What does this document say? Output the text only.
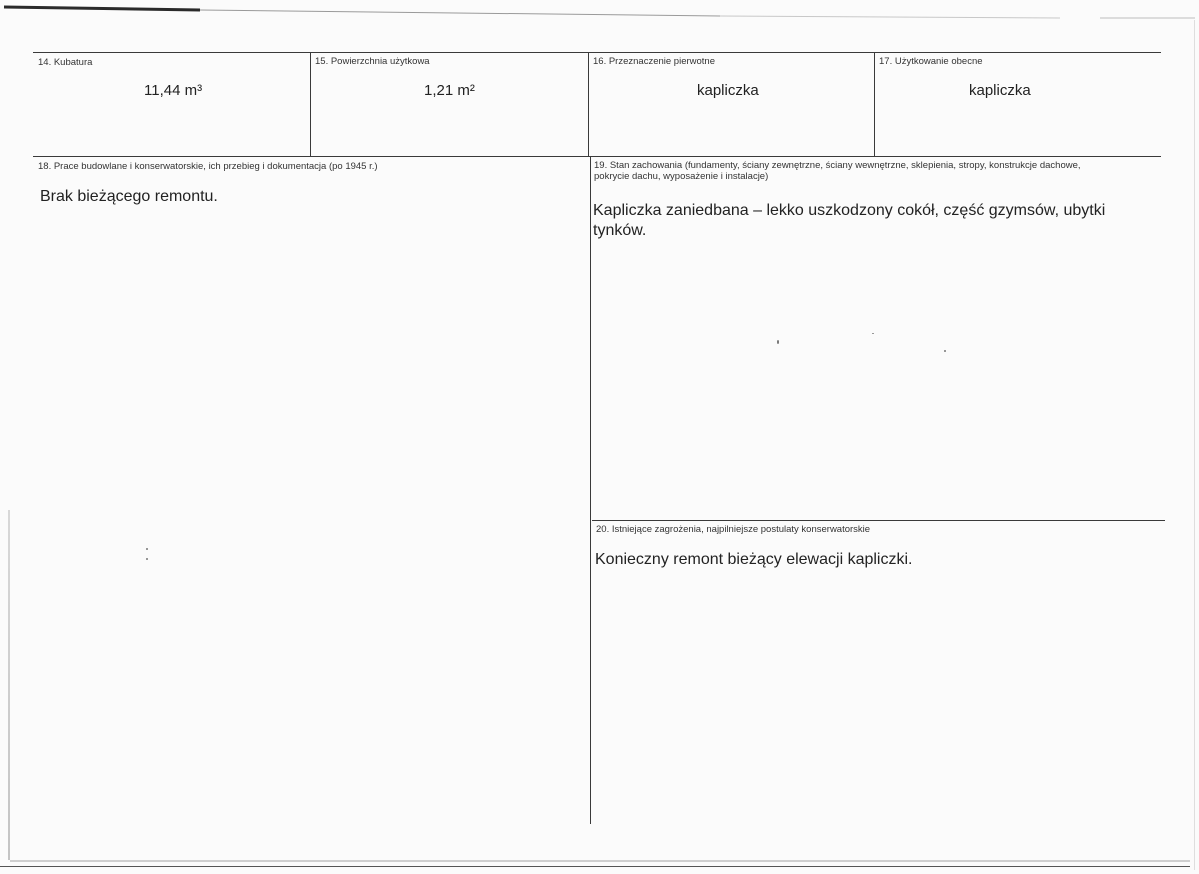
14. Kubatura
11,44 m³
15. Powierzchnia użytkowa
1,21 m²
16. Przeznaczenie pierwotne
kapliczka
17. Użytkowanie obecne
kapliczka
18. Prace budowlane i konserwatorskie, ich przebieg i dokumentacja (po 1945 r.)
Brak bieżącego remontu.
19. Stan zachowania (fundamenty, ściany zewnętrzne, ściany wewnętrzne, sklepienia, stropy, konstrukcje dachowe, pokrycie dachu, wyposażenie i instalacje)
Kapliczka zaniedbana – lekko uszkodzony cokół, część gzymsów, ubytki tynków.
20. Istniejące zagrożenia, najpilniejsze postulaty konserwatorskie
Konieczny remont bieżący elewacji kapliczki.
